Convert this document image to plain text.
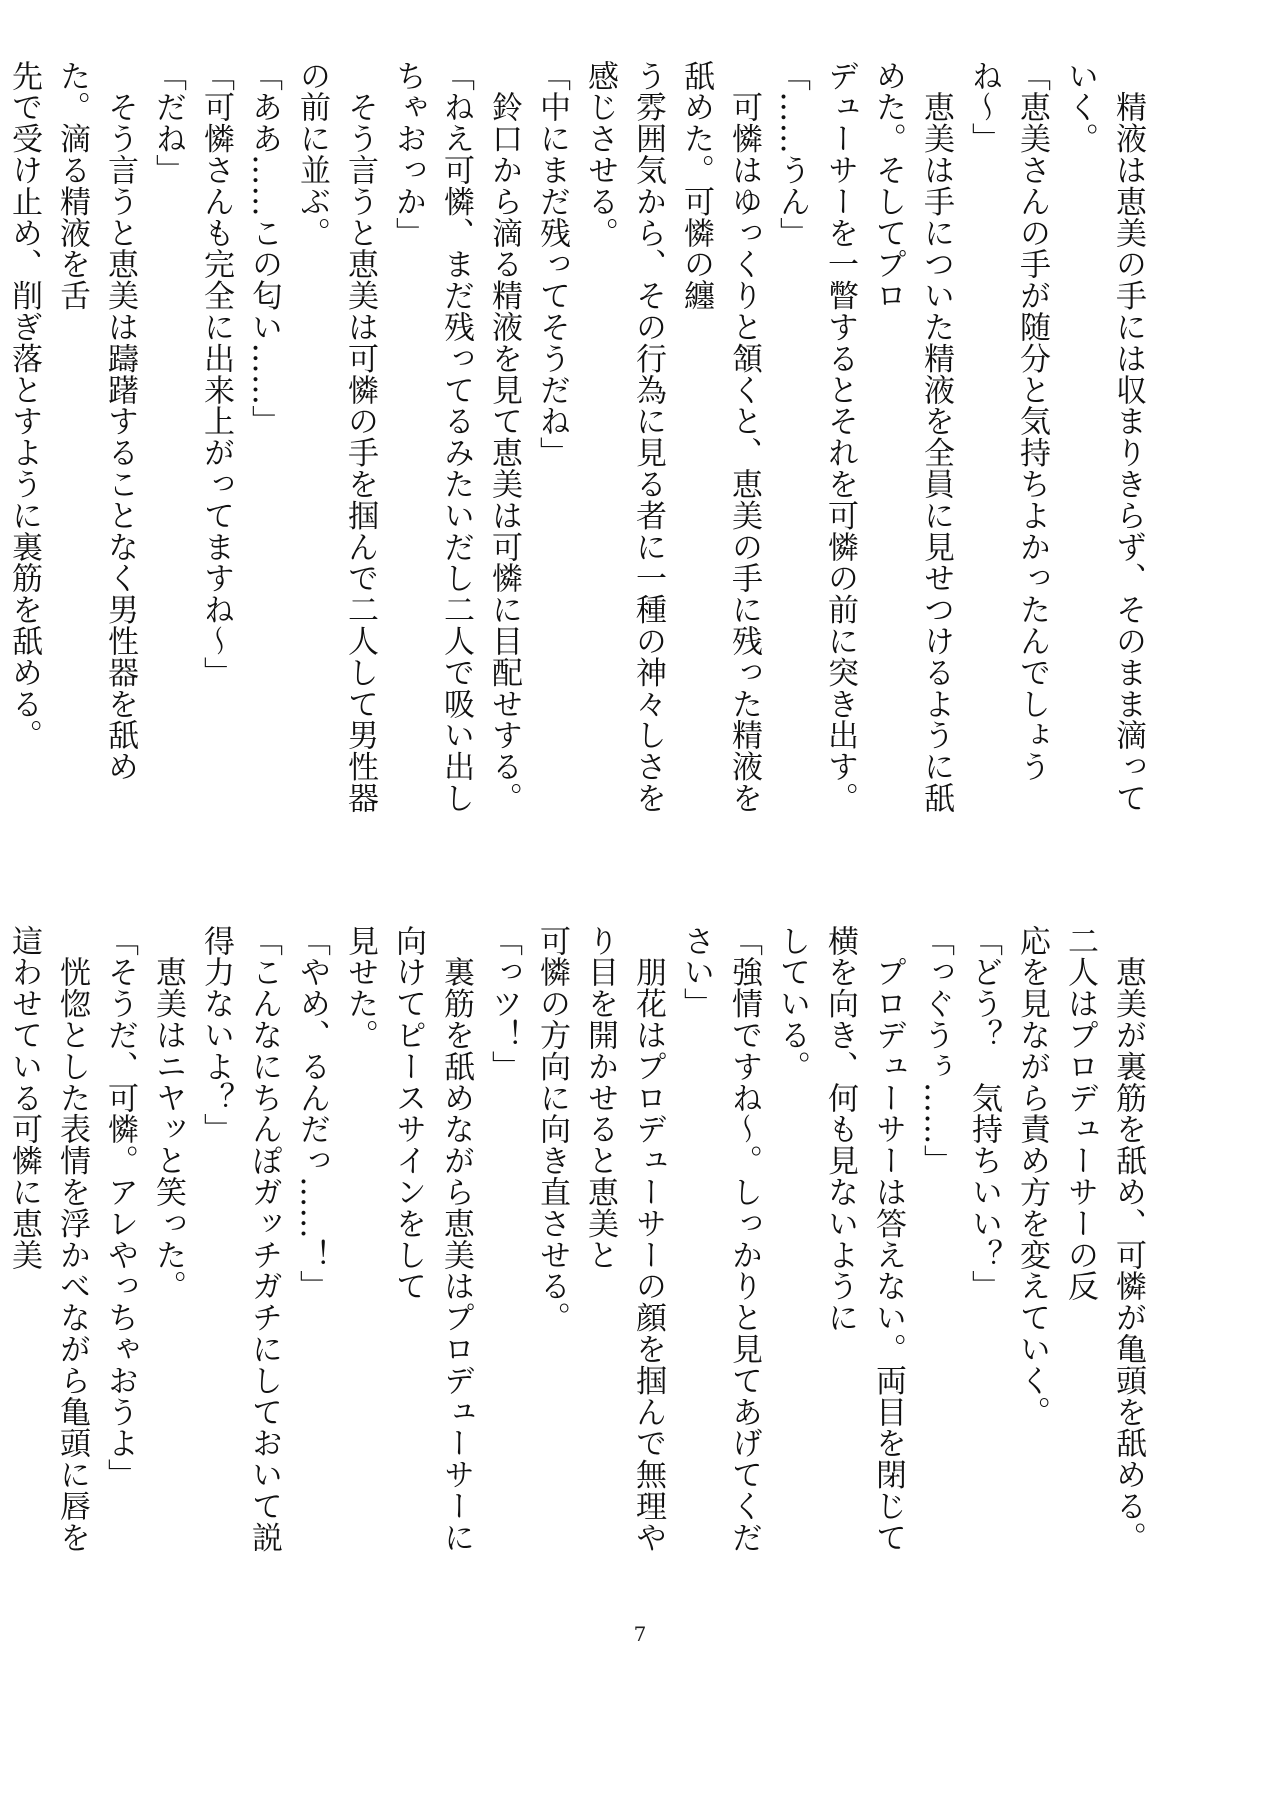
　精液は恵美の手には収まりきらず、そのまま滴っていく。
「恵美さんの手が随分と気持ちよかったんでしょうね〜」
　恵美は手についた精液を全員に見せつけるように舐めた。そしてプロ
デューサーを一瞥するとそれを可憐の前に突き出す。
「……うん」
　可憐はゆっくりと頷くと、恵美の手に残った精液を舐めた。可憐の纏
う雰囲気から、その行為に見る者に一種の神々しさを感じさせる。
「中にまだ残ってそうだね」
　鈴口から滴る精液を見て恵美は可憐に目配せする。
「ねえ可憐、まだ残ってるみたいだし二人で吸い出しちゃおっか」
　そう言うと恵美は可憐の手を掴んで二人して男性器の前に並ぶ。
「ああ……この匂い……」
「可憐さんも完全に出来上がってますね〜」
「だね」
　そう言うと恵美は躊躇することなく男性器を舐めた。滴る精液を舌
先で受け止め、削ぎ落とすように裏筋を舐める。
　恵美が裏筋を舐め、可憐が亀頭を舐める。二人はプロデューサーの反
応を見ながら責め方を変えていく。
「どう？　気持ちいい？」
「っぐうぅ……」
　プロデューサーは答えない。両目を閉じて横を向き、何も見ないように
している。
「強情ですね〜。しっかりと見てあげてください」
　朋花はプロデューサーの顔を掴んで無理やり目を開かせると恵美と
可憐の方向に向き直させる。
「っツ！」
　裏筋を舐めながら恵美はプロデューサーに向けてピースサインをして
見せた。
「やめ、るんだっ……！」
「こんなにちんぽガッチガチにしておいて説得力ないよ？」
　恵美はニヤッと笑った。
「そうだ、可憐。アレやっちゃおうよ」
　恍惚とした表情を浮かべながら亀頭に唇を這わせている可憐に恵美
7
